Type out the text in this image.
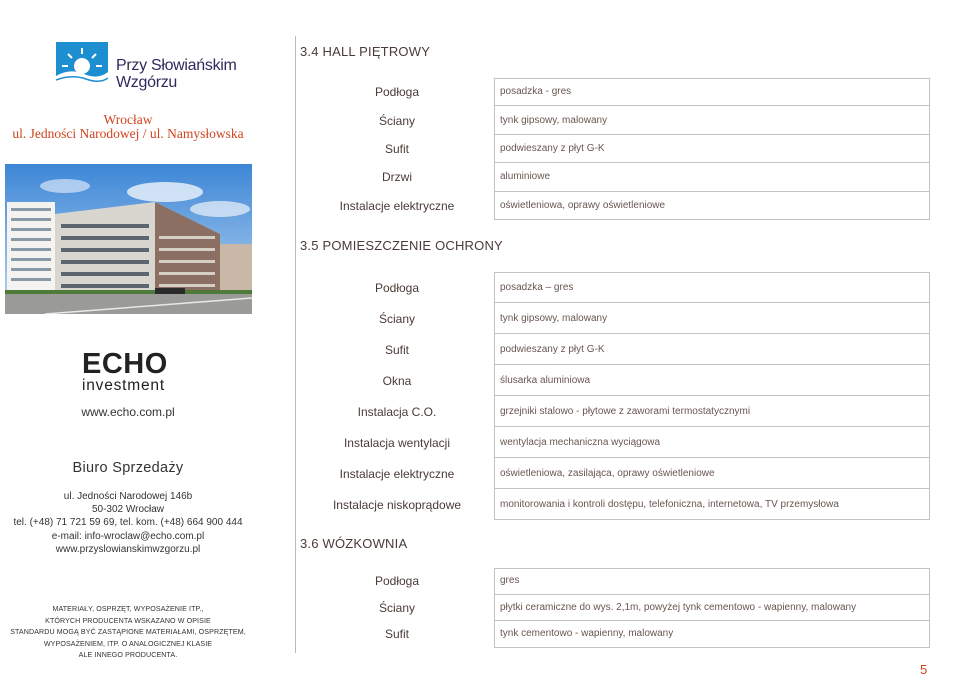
Przy Słowiańskim
Wzgórzu
Wrocław
ul. Jedności Narodowej / ul. Namysłowska
ECHO
investment
www.echo.com.pl
Biuro Sprzedaży
ul. Jedności Narodowej 146b
50-302 Wrocław
tel. (+48) 71 721 59 69, tel. kom. (+48) 664 900 444
e-mail: info-wroclaw@echo.com.pl
www.przyslowianskimwzgorzu.pl
MATERIAŁY, OSPRZĘT, WYPOSAŻENIE ITP.,
KTÓRYCH PRODUCENTA WSKAZANO W OPISIE
STANDARDU MOGĄ BYĆ ZASTĄPIONE MATERIAŁAMI, OSPRZĘTEM,
WYPOSAŻENIEM, ITP. O ANALOGICZNEJ KLASIE
ALE INNEGO PRODUCENTA.
3.4 HALL PIĘTROWY
Podłoga	posadzka - gres
Ściany	tynk gipsowy, malowany
Sufit	podwieszany z płyt G-K
Drzwi	aluminiowe
Instalacje elektryczne	oświetleniowa, oprawy oświetleniowe
3.5 POMIESZCZENIE OCHRONY
Podłoga	posadzka – gres
Ściany	tynk gipsowy, malowany
Sufit	podwieszany z płyt G-K
Okna	ślusarka aluminiowa
Instalacja C.O.	grzejniki stalowo - płytowe z zaworami termostatycznymi
Instalacja wentylacji	wentylacja mechaniczna wyciągowa
Instalacje elektryczne	oświetleniowa, zasilająca, oprawy oświetleniowe
Instalacje niskoprądowe	monitorowania i kontroli dostępu, telefoniczna, internetowa, TV przemysłowa
3.6 WÓZKOWNIA
Podłoga	gres
Ściany	płytki ceramiczne do wys. 2,1m, powyżej tynk cementowo - wapienny, malowany
Sufit	tynk cementowo - wapienny, malowany
5
